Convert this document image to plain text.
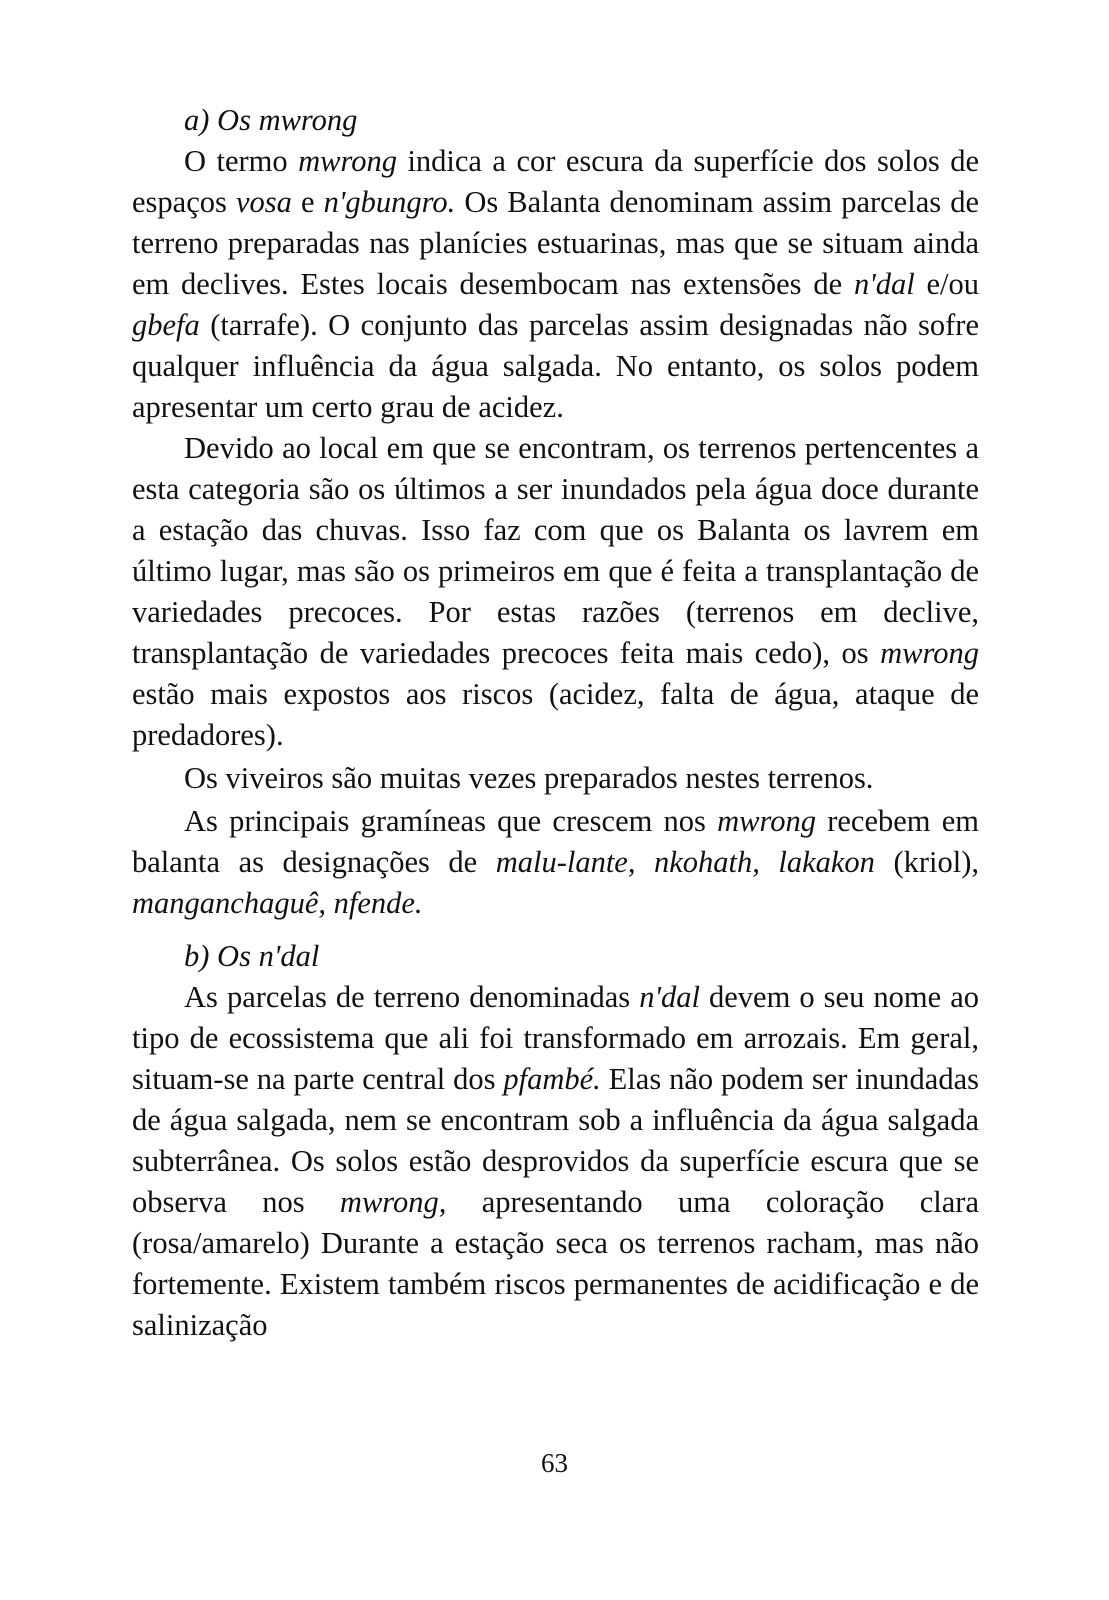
a) Os mwrong

O termo mwrong indica a cor escura da superfície dos solos de espaços vosa e n'gbungro. Os Balanta denominam assim parcelas de terreno preparadas nas planícies estuarinas, mas que se situam ainda em declives. Estes locais desembocam nas extensões de n'dal e/ou gbefa (tarrafe). O conjunto das parcelas assim designadas não sofre qualquer influência da água salgada. No entanto, os solos podem apresentar um certo grau de acidez.

Devido ao local em que se encontram, os terrenos pertencentes a esta categoria são os últimos a ser inundados pela água doce durante a estação das chuvas. Isso faz com que os Balanta os lavrem em último lugar, mas são os primeiros em que é feita a transplantação de variedades precoces. Por estas razões (terrenos em declive, transplantação de variedades precoces feita mais cedo), os mwrong estão mais expostos aos riscos (acidez, falta de água, ataque de predadores).

Os viveiros são muitas vezes preparados nestes terrenos.

As principais gramíneas que crescem nos mwrong recebem em balanta as designações de malu-lante, nkohath, lakakon (kriol), manganchaguê, nfende.

b) Os n'dal

As parcelas de terreno denominadas n'dal devem o seu nome ao tipo de ecossistema que ali foi transformado em arrozais. Em geral, situam-se na parte central dos pfambé. Elas não podem ser inundadas de água salgada, nem se encontram sob a influência da água salgada subterrânea. Os solos estão desprovidos da superfície escura que se observa nos mwrong, apresentando uma coloração clara (rosa/amarelo) Durante a estação seca os terrenos racham, mas não fortemente. Existem também riscos permanentes de acidificação e de salinização

63
